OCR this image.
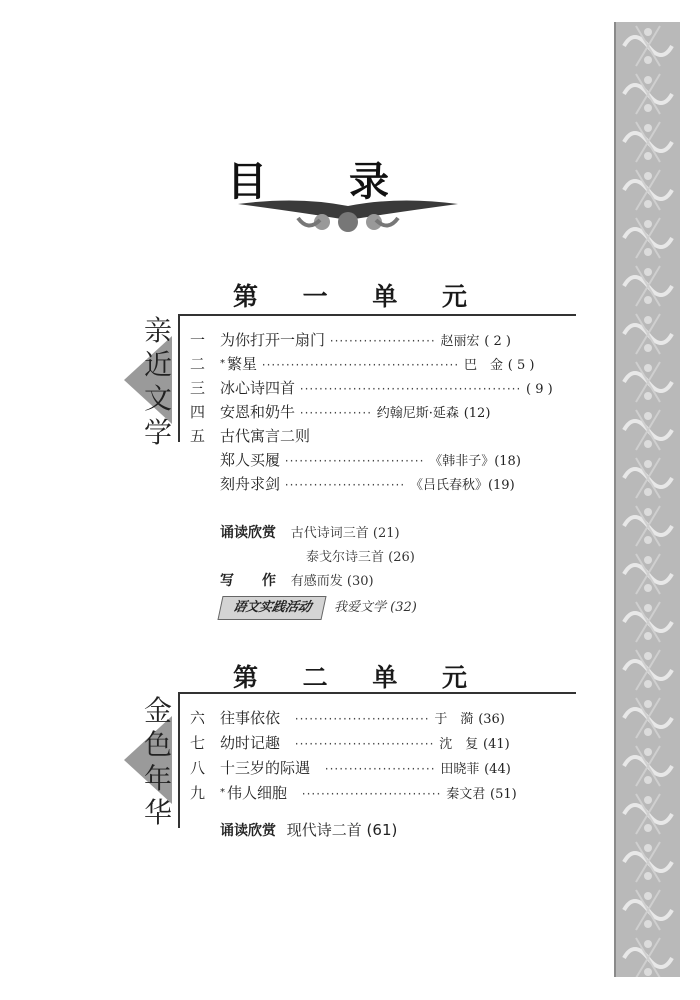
目 录
第 一 单 元
亲
近
文
学
一 为你打开一扇门 ······················ 赵丽宏 ( 2 )
二 * 繁星 ········································· 巴　金 ( 5 )
三 冰心诗四首 ·············································· ( 9 )
四 安恩和奶牛 ··············· 约翰尼斯·延森 (12)
五 古代寓言二则
郑人买履 ····························· 《韩非子》(18)
刻舟求剑 ························· 《吕氏春秋》(19)
诵读欣赏 古代诗词三首 (21)
泰戈尔诗三首 (26)
写　　作 有感而发 (30)
语文实践活动	我爱文学 (32)
第 二 单 元
金
色
年
华
六 往事依依 ···························· 于　漪 (36)
七 幼时记趣 ····························· 沈　复 (41)
八 十三岁的际遇 ······················· 田晓菲 (44)
九 * 伟人细胞 ····························· 秦文君 (51)
诵读欣赏 现代诗二首 (61)
